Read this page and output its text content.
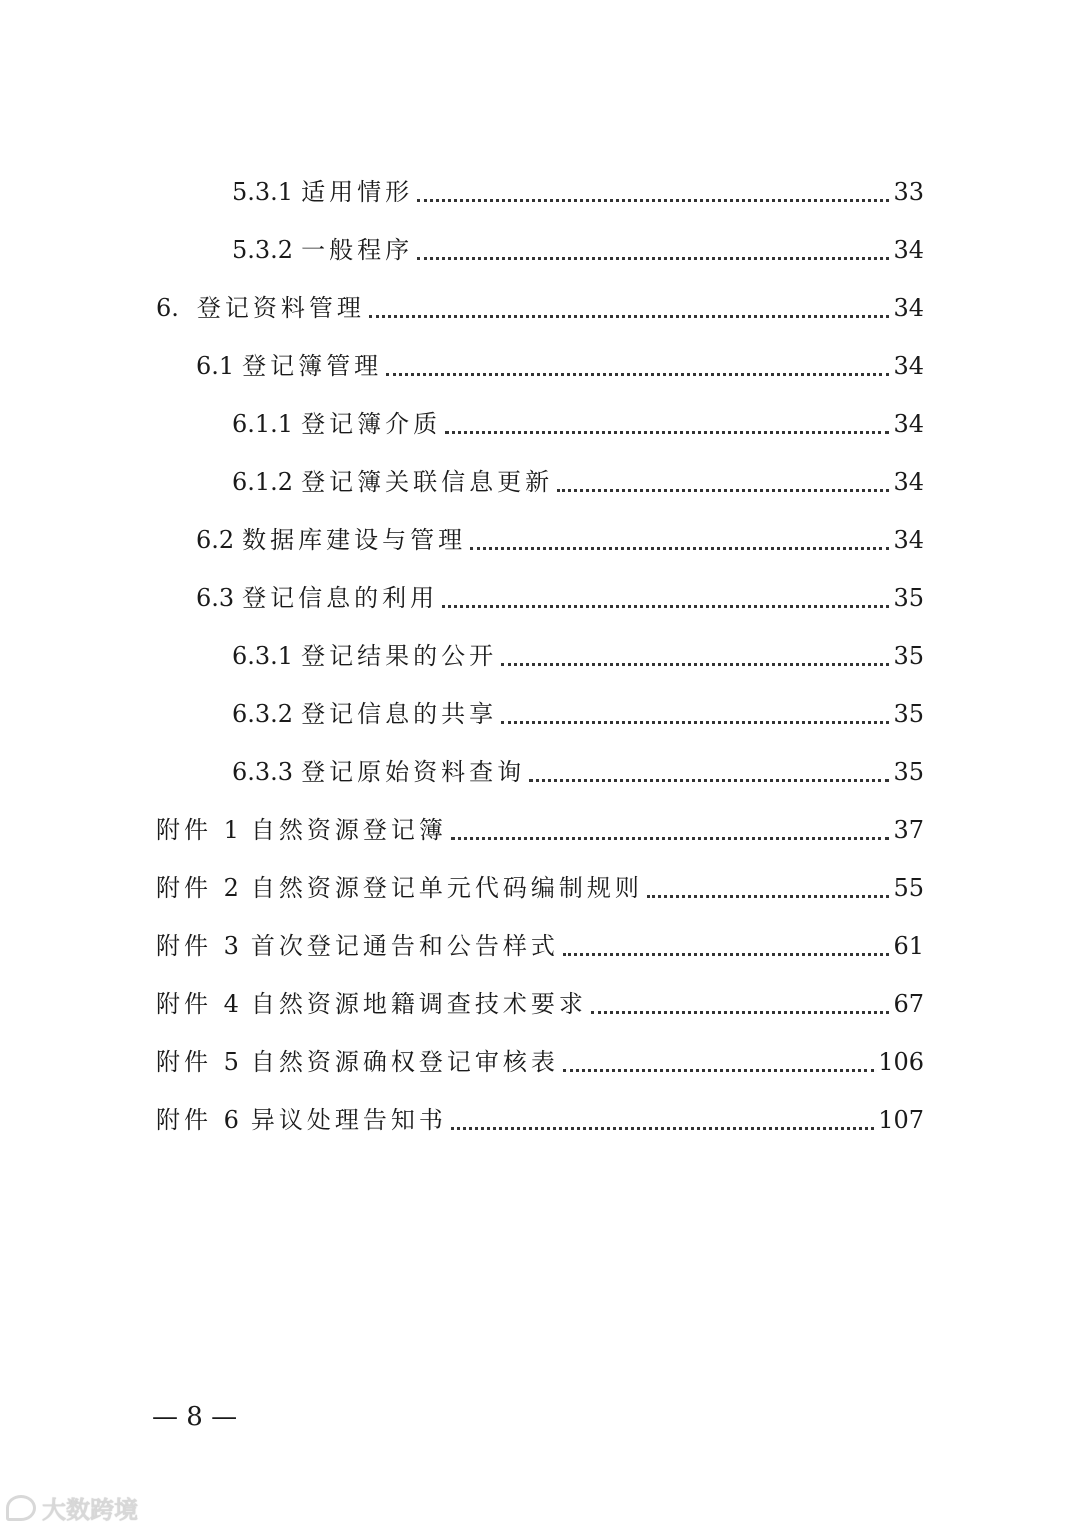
5.3.1 适用情形	33
5.3.2 一般程序	34
6. 登记资料管理	34
6.1 登记簿管理	34
6.1.1 登记簿介质	34
6.1.2 登记簿关联信息更新	34
6.2 数据库建设与管理	34
6.3 登记信息的利用	35
6.3.1 登记结果的公开	35
6.3.2 登记信息的共享	35
6.3.3 登记原始资料查询	35
附件 1 自然资源登记簿	37
附件 2 自然资源登记单元代码编制规则	55
附件 3 首次登记通告和公告样式	61
附件 4 自然资源地籍调查技术要求	67
附件 5 自然资源确权登记审核表	106
附件 6 异议处理告知书	107
— 8 —
大数跨境
